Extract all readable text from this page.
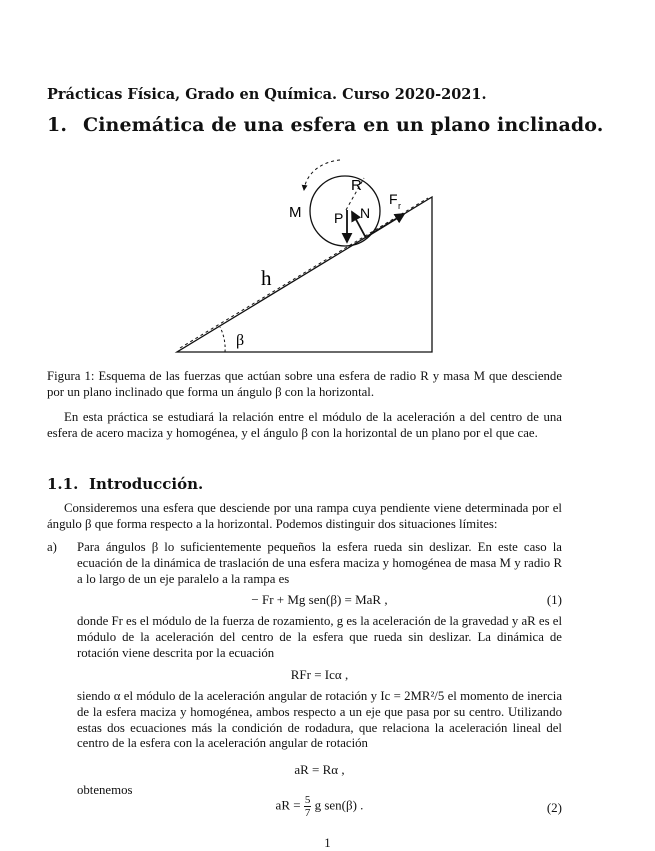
Prácticas Física, Grado en Química. Curso 2020-2021.
1. Cinemática de una esfera en un plano inclinado.
R
M P N
F r
h
β
Figura 1: Esquema de las fuerzas que actúan sobre una esfera de radio R y masa M que desciende por un plano inclinado que forma un ángulo β con la horizontal.
En esta práctica se estudiará la relación entre el módulo de la aceleración a del centro de una esfera de acero maciza y homogénea, y el ángulo β con la horizontal de un plano por el que cae.
1.1. Introducción.
Consideremos una esfera que desciende por una rampa cuya pendiente viene determinada por el ángulo β que forma respecto a la horizontal. Podemos distinguir dos situaciones límites:
a) Para ángulos β lo suficientemente pequeños la esfera rueda sin deslizar. En este caso la ecuación de la dinámica de traslación de una esfera maciza y homogénea de masa M y radio R a lo largo de un eje paralelo a la rampa es
− Fr + Mg sen(β) = MaR ,	(1)
donde Fr es el módulo de la fuerza de rozamiento, g es la aceleración de la gravedad y aR es el módulo de la aceleración del centro de la esfera que rueda sin deslizar. La dinámica de rotación viene descrita por la ecuación
RFr = Icα ,
siendo α el módulo de la aceleración angular de rotación y Ic = 2MR²/5 el momento de inercia de la esfera maciza y homogénea, ambos respecto a un eje que pasa por su centro. Utilizando estas dos ecuaciones más la condición de rodadura, que relaciona la aceleración lineal del centro de la esfera con la aceleración angular de rotación
aR = Rα ,
obtenemos
aR = $\frac{5}{7}$ g sen(β) .	(2)
1
